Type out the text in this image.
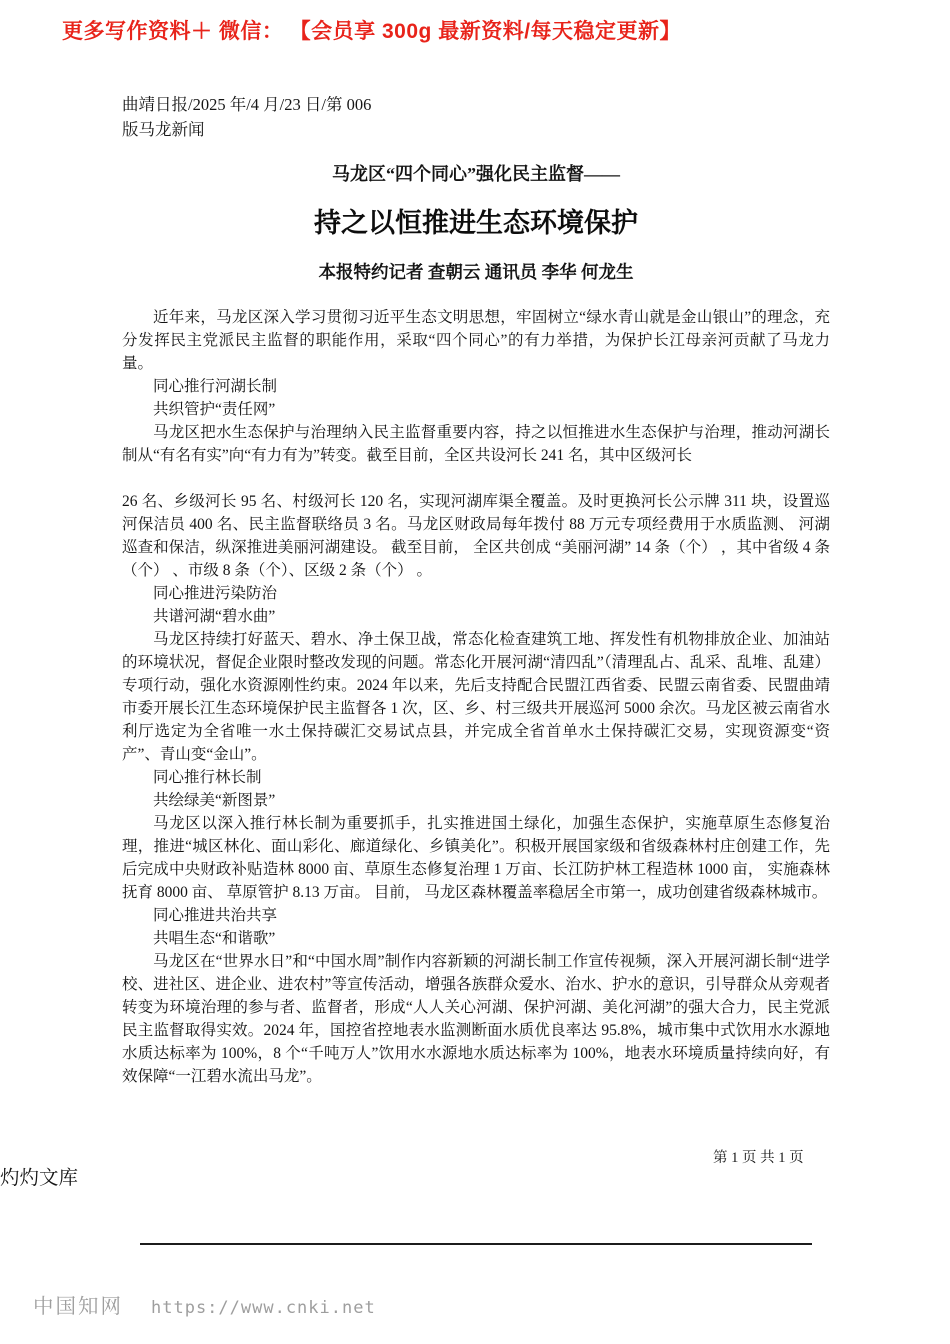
更多写作资料＋ 微信： 【会员享 300g 最新资料/每天稳定更新】
曲靖日报/2025 年/4 月/23 日/第 006
版马龙新闻
马龙区“四个同心”强化民主监督——
持之以恒推进生态环境保护
本报特约记者 查朝云 通讯员 李华 何龙生

近年来，马龙区深入学习贯彻习近平生态文明思想，牢固树立“绿水青山就是金山银山”的理念，充分发挥民主党派民主监督的职能作用，采取“四个同心”的有力举措，为保护长江母亲河贡献了马龙力量。

同心推行河湖长制

共织管护“责任网”

马龙区把水生态保护与治理纳入民主监督重要内容，持之以恒推进水生态保护与治理，推动河湖长制从“有名有实”向“有力有为”转变。截至目前，全区共设河长 241 名，其中区级河长

26 名、乡级河长 95 名、村级河长 120 名，实现河湖库渠全覆盖。及时更换河长公示牌 311 块，设置巡河保洁员 400 名、民主监督联络员 3 名。马龙区财政局每年拨付 88 万元专项经费用于水质监测、 河湖巡查和保洁，纵深推进美丽河湖建设。 截至目前， 全区共创成 “美丽河湖” 14 条（个） ，其中省级 4 条（个） 、市级 8 条（个）、区级 2 条（个） 。

同心推进污染防治

共谱河湖“碧水曲”

马龙区持续打好蓝天、碧水、净土保卫战，常态化检查建筑工地、挥发性有机物排放企业、加油站的环境状况，督促企业限时整改发现的问题。常态化开展河湖“清四乱”（清理乱占、乱采、乱堆、乱建）专项行动，强化水资源刚性约束。2024 年以来，先后支持配合民盟江西省委、民盟云南省委、民盟曲靖市委开展长江生态环境保护民主监督各 1 次，区、乡、村三级共开展巡河 5000 余次。马龙区被云南省水利厅选定为全省唯一水土保持碳汇交易试点县，并完成全省首单水土保持碳汇交易，实现资源变“资产”、青山变“金山”。

同心推行林长制

共绘绿美“新图景”

马龙区以深入推行林长制为重要抓手，扎实推进国土绿化，加强生态保护，实施草原生态修复治理，推进“城区林化、面山彩化、廊道绿化、乡镇美化”。积极开展国家级和省级森林村庄创建工作，先后完成中央财政补贴造林 8000 亩、草原生态修复治理 1 万亩、长江防护林工程造林 1000 亩， 实施森林抚育 8000 亩、 草原管护 8.13 万亩。 目前， 马龙区森林覆盖率稳居全市第一，成功创建省级森林城市。

同心推进共治共享

共唱生态“和谐歌”

马龙区在“世界水日”和“中国水周”制作内容新颖的河湖长制工作宣传视频，深入开展河湖长制“进学校、进社区、进企业、进农村”等宣传活动，增强各族群众爱水、治水、护水的意识，引导群众从旁观者转变为环境治理的参与者、监督者，形成“人人关心河湖、保护河湖、美化河湖”的强大合力，民主党派民主监督取得实效。2024 年，国控省控地表水监测断面水质优良率达 95.8%，城市集中式饮用水水源地水质达标率为 100%，8 个“千吨万人”饮用水水源地水质达标率为 100%，地表水环境质量持续向好，有效保障“一江碧水流出马龙”。

第 1 页 共 1 页
灼灼文库
中国知网 https://www.cnki.net
